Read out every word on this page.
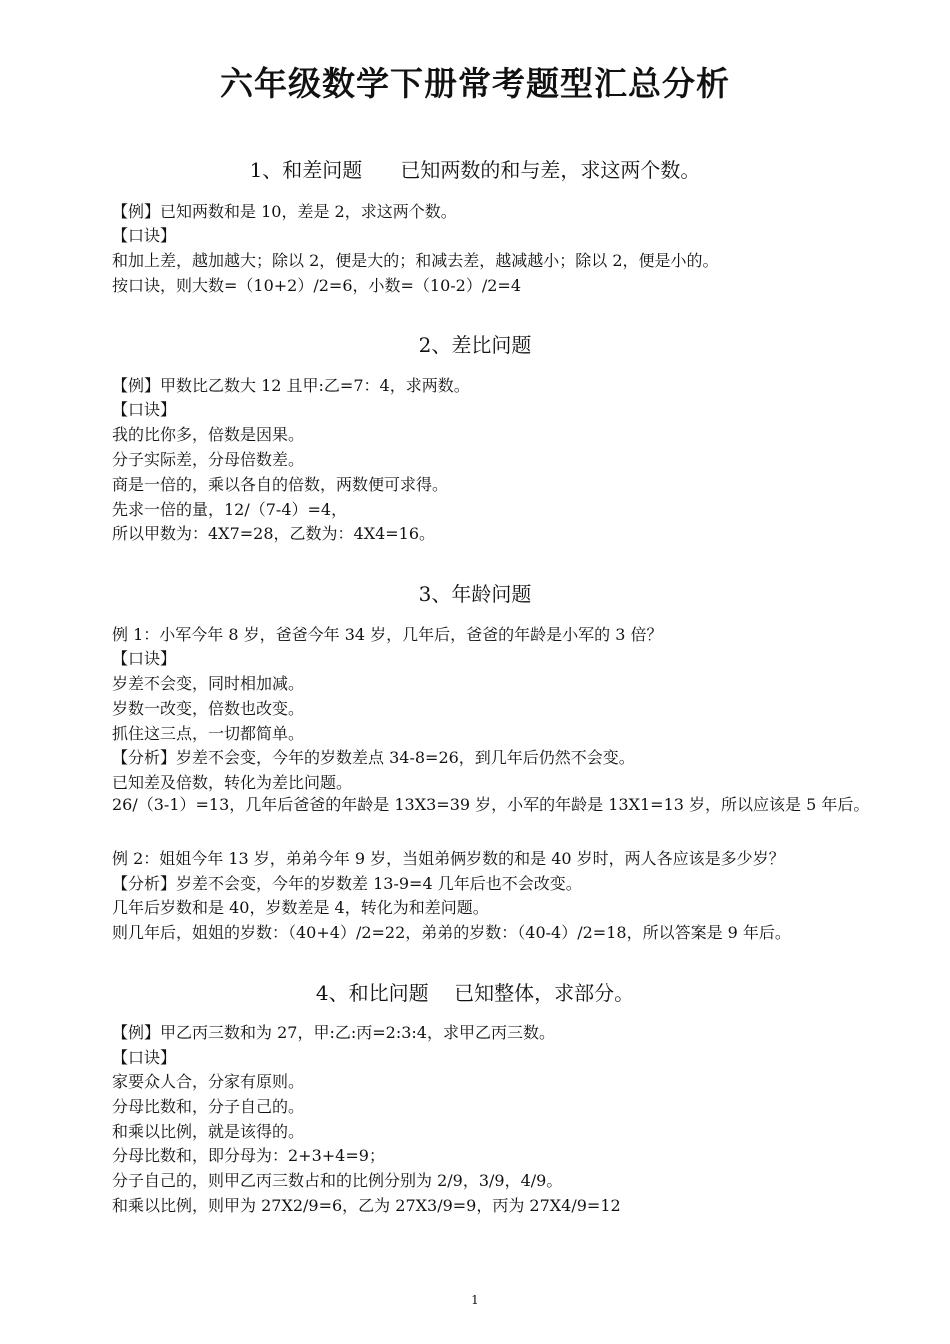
六年级数学下册常考题型汇总分析
1、和差问题      已知两数的和与差，求这两个数。
【例】已知两数和是 10，差是 2，求这两个数。
【口诀】
和加上差，越加越大；除以 2，便是大的；和减去差，越减越小；除以 2，便是小的。
按口诀，则大数=（10+2）/2=6，小数=（10-2）/2=4
2、差比问题
【例】甲数比乙数大 12 且甲:乙=7：4，求两数。
【口诀】
我的比你多，倍数是因果。
分子实际差，分母倍数差。
商是一倍的，乘以各自的倍数，两数便可求得。
先求一倍的量，12/（7-4）=4，
所以甲数为：4X7=28，乙数为：4X4=16。
3、年龄问题
例 1：小军今年 8 岁，爸爸今年 34 岁，几年后，爸爸的年龄是小军的 3 倍？
【口诀】
岁差不会变，同时相加减。
岁数一改变，倍数也改变。
抓住这三点，一切都简单。
【分析】岁差不会变，今年的岁数差点 34-8=26，到几年后仍然不会变。
已知差及倍数，转化为差比问题。

26/（3-1）=13，几年后爸爸的年龄是 13X3=39 岁，小军的年龄是 13X1=13 岁，所以应该是 5 年后。

例 2：姐姐今年 13 岁，弟弟今年 9 岁，当姐弟俩岁数的和是 40 岁时，两人各应该是多少岁？
【分析】岁差不会变，今年的岁数差 13-9=4 几年后也不会改变。
几年后岁数和是 40，岁数差是 4，转化为和差问题。
则几年后，姐姐的岁数：（40+4）/2=22，弟弟的岁数：（40-4）/2=18，所以答案是 9 年后。
4、和比问题    已知整体，求部分。
【例】甲乙丙三数和为 27，甲:乙:丙=2:3:4，求甲乙丙三数。
【口诀】
家要众人合，分家有原则。
分母比数和，分子自己的。
和乘以比例，就是该得的。
分母比数和，即分母为：2+3+4=9；
分子自己的，则甲乙丙三数占和的比例分别为 2/9，3/9，4/9。
和乘以比例，则甲为 27X2/9=6，乙为 27X3/9=9，丙为 27X4/9=12
1
